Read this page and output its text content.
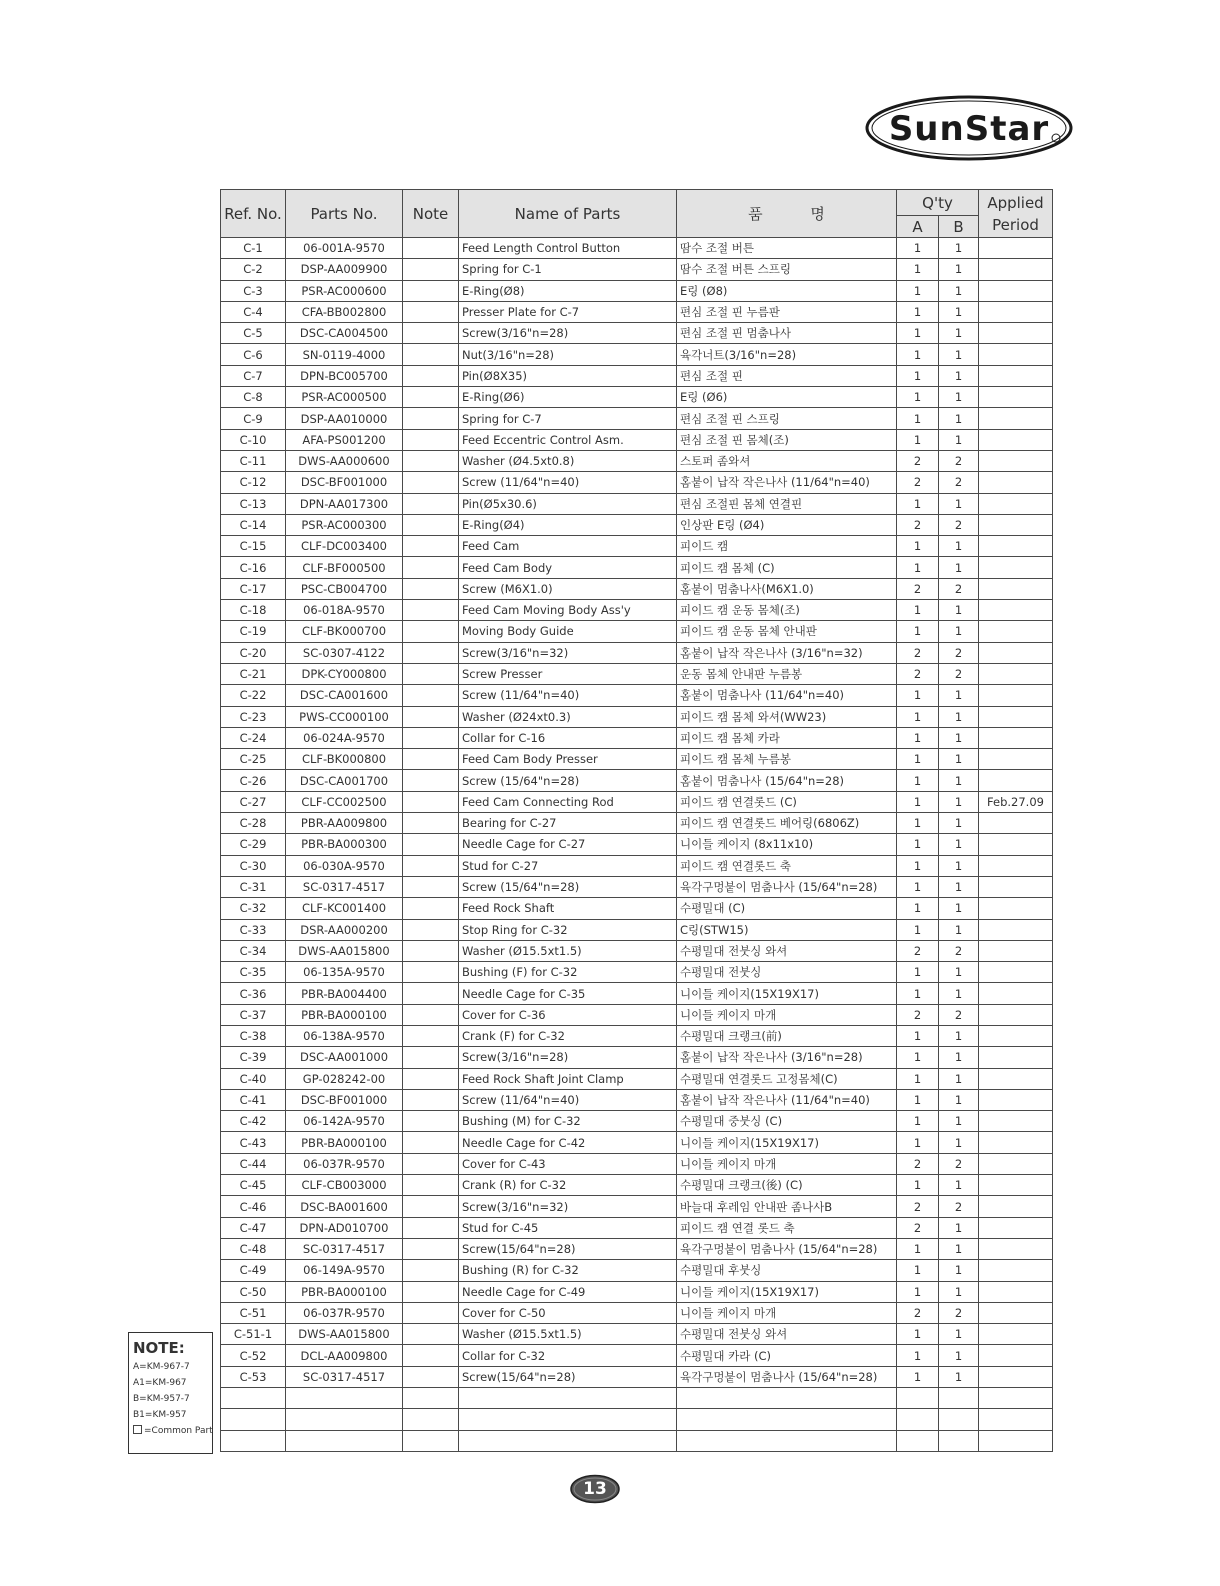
SunStar
Ref. No.	Parts No.	Note	Name of Parts	품          명	Q'ty		Applied Period
					A	B	
C-1	06-001A-9570		Feed Length Control Button	땀수 조절 버튼	1	1	
C-2	DSP-AA009900		Spring for C-1	땀수 조절 버튼 스프링	1	1	
C-3	PSR-AC000600		E-Ring(Ø8)	E링 (Ø8)	1	1	
C-4	CFA-BB002800		Presser Plate for C-7	편심 조절 핀 누름판	1	1	
C-5	DSC-CA004500		Screw(3/16"n=28)	편심 조절 핀 멈춤나사	1	1	
C-6	SN-0119-4000		Nut(3/16"n=28)	육각너트(3/16"n=28)	1	1	
C-7	DPN-BC005700		Pin(Ø8X35)	편심 조절 핀	1	1	
C-8	PSR-AC000500		E-Ring(Ø6)	E링 (Ø6)	1	1	
C-9	DSP-AA010000		Spring for C-7	편심 조절 핀 스프링	1	1	
C-10	AFA-PS001200		Feed Eccentric Control Asm.	편심 조절 핀 몸체(조)	1	1	
C-11	DWS-AA000600		Washer (Ø4.5xt0.8)	스토퍼 좀와셔	2	2	
C-12	DSC-BF001000		Screw (11/64"n=40)	홈붙이 납작 작은나사 (11/64"n=40)	2	2	
C-13	DPN-AA017300		Pin(Ø5x30.6)	편심 조절핀 몸체 연결핀	1	1	
C-14	PSR-AC000300		E-Ring(Ø4)	인상판 E링 (Ø4)	2	2	
C-15	CLF-DC003400		Feed Cam	피이드 캠	1	1	
C-16	CLF-BF000500		Feed Cam Body	피이드 캠 몸체 (C)	1	1	
C-17	PSC-CB004700		Screw (M6X1.0)	홈붙이 멈춤나사(M6X1.0)	2	2	
C-18	06-018A-9570		Feed Cam Moving Body Ass'y	피이드 캠 운동 몸체(조)	1	1	
C-19	CLF-BK000700		Moving Body Guide	피이드 캠 운동 몸체 안내판	1	1	
C-20	SC-0307-4122		Screw(3/16"n=32)	홈붙이 납작 작은나사 (3/16"n=32)	2	2	
C-21	DPK-CY000800		Screw Presser	운동 몸체 안내판 누름봉	2	2	
C-22	DSC-CA001600		Screw (11/64"n=40)	홈붙이 멈춤나사 (11/64"n=40)	1	1	
C-23	PWS-CC000100		Washer (Ø24xt0.3)	피이드 캠 몸체 와셔(WW23)	1	1	
C-24	06-024A-9570		Collar for C-16	피이드 캠 몸체 카라	1	1	
C-25	CLF-BK000800		Feed Cam Body Presser	피이드 캠 몸체 누름봉	1	1	
C-26	DSC-CA001700		Screw (15/64"n=28)	홈붙이 멈춤나사 (15/64"n=28)	1	1	
C-27	CLF-CC002500		Feed Cam Connecting Rod	피이드 캠 연결롯드 (C)	1	1	Feb.27.09
C-28	PBR-AA009800		Bearing for C-27	피이드 캠 연결롯드 베어링(6806Z)	1	1	
C-29	PBR-BA000300		Needle Cage for C-27	니이들 케이지 (8x11x10)	1	1	
C-30	06-030A-9570		Stud for C-27	피이드 캠 연결롯드 축	1	1	
C-31	SC-0317-4517		Screw (15/64"n=28)	육각구멍붙이 멈춤나사 (15/64"n=28)	1	1	
C-32	CLF-KC001400		Feed Rock Shaft	수평밀대 (C)	1	1	
C-33	DSR-AA000200		Stop Ring for C-32	C링(STW15)	1	1	
C-34	DWS-AA015800		Washer (Ø15.5xt1.5)	수평밀대 전붓싱 와셔	2	2	
C-35	06-135A-9570		Bushing (F) for C-32	수평밀대 전붓싱	1	1	
C-36	PBR-BA004400		Needle Cage for C-35	니이들 케이지(15X19X17)	1	1	
C-37	PBR-BA000100		Cover for C-36	니이들 케이지 마개	2	2	
C-38	06-138A-9570		Crank (F) for C-32	수평밀대 크랭크(前)	1	1	
C-39	DSC-AA001000		Screw(3/16"n=28)	홈붙이 납작 작은나사 (3/16"n=28)	1	1	
C-40	GP-028242-00		Feed Rock Shaft Joint Clamp	수평밀대 연결롯드 고정몸체(C)	1	1	
C-41	DSC-BF001000		Screw (11/64"n=40)	홈붙이 납작 작은나사 (11/64"n=40)	1	1	
C-42	06-142A-9570		Bushing (M) for C-32	수평밀대 중붓싱 (C)	1	1	
C-43	PBR-BA000100		Needle Cage for C-42	니이들 케이지(15X19X17)	1	1	
C-44	06-037R-9570		Cover for C-43	니이들 케이지 마개	2	2	
C-45	CLF-CB003000		Crank (R) for C-32	수평밀대 크랭크(後) (C)	1	1	
C-46	DSC-BA001600		Screw(3/16"n=32)	바늘대 후레임 안내판 좀나사B	2	2	
C-47	DPN-AD010700		Stud for C-45	피이드 캠 연결 롯드 축	2	1	
C-48	SC-0317-4517		Screw(15/64"n=28)	육각구멍붙이 멈춤나사 (15/64"n=28)	1	1	
C-49	06-149A-9570		Bushing (R) for C-32	수평밀대 후붓싱	1	1	
C-50	PBR-BA000100		Needle Cage for C-49	니이들 케이지(15X19X17)	1	1	
C-51	06-037R-9570		Cover for C-50	니이들 케이지 마개	2	2	
C-51-1	DWS-AA015800		Washer (Ø15.5xt1.5)	수평밀대 전붓싱 와셔	1	1	
C-52	DCL-AA009800		Collar for C-32	수평밀대 카라 (C)	1	1	
C-53	SC-0317-4517		Screw(15/64"n=28)	육각구멍붙이 멈춤나사 (15/64"n=28)	1	1	

NOTE:
A=KM-967-7
A1=KM-967
B=KM-957-7
B1=KM-957
=Common Part
13
